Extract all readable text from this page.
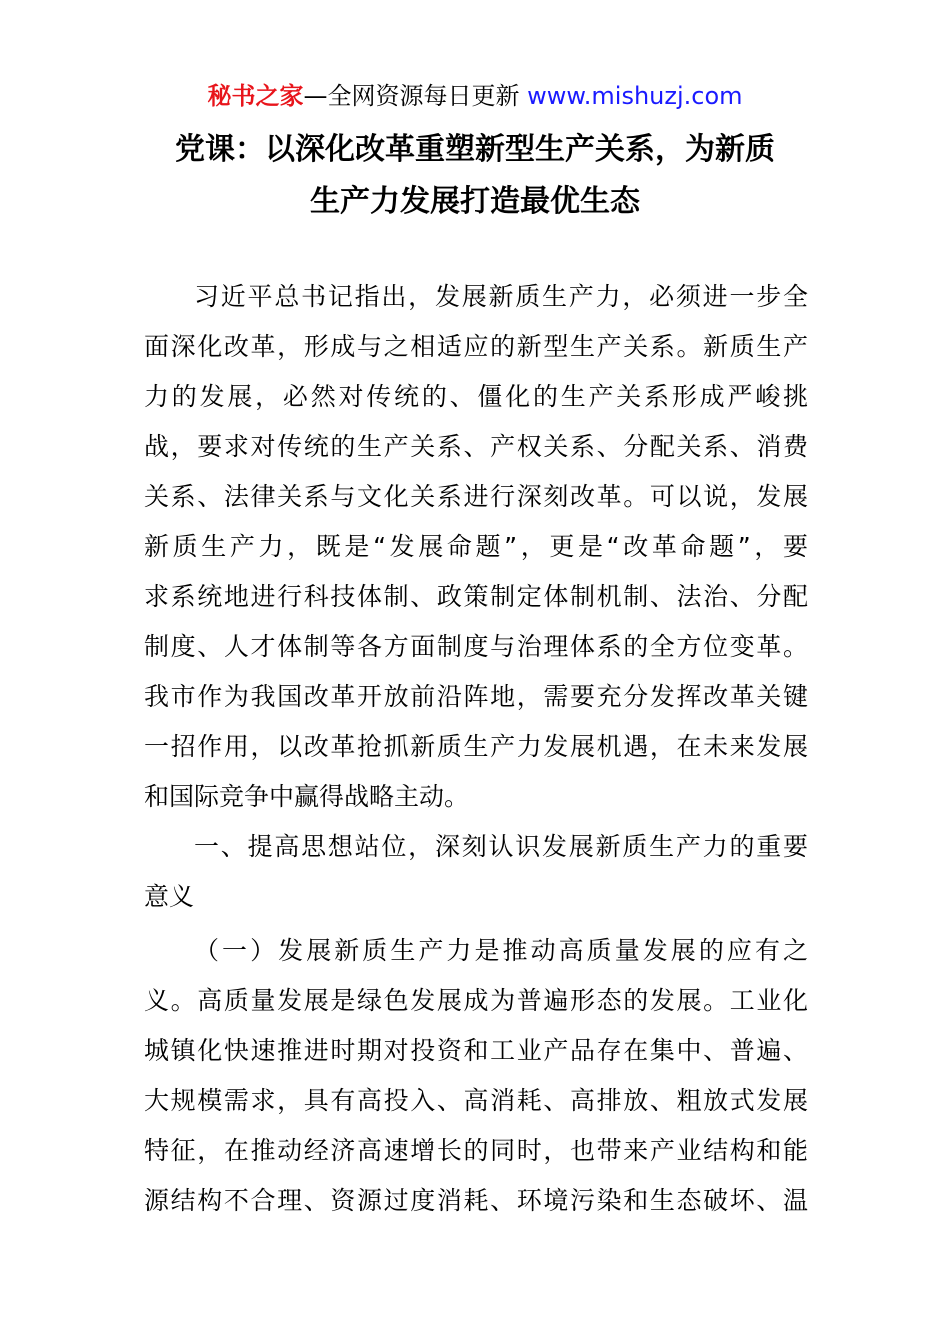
秘书之家—全网资源每日更新 www.mishuzj.com
党课：以深化改革重塑新型生产关系，为新质
生产力发展打造最优生态
习近平总书记指出，发展新质生产力，必须进一步全
面深化改革，形成与之相适应的新型生产关系。新质生产
力的发展，必然对传统的、僵化的生产关系形成严峻挑
战，要求对传统的生产关系、产权关系、分配关系、消费
关系、法律关系与文化关系进行深刻改革。可以说，发展
新质生产力，既是“发展命题”，更是“改革命题”，要
求系统地进行科技体制、政策制定体制机制、法治、分配
制度、人才体制等各方面制度与治理体系的全方位变革。
我市作为我国改革开放前沿阵地，需要充分发挥改革关键
一招作用，以改革抢抓新质生产力发展机遇，在未来发展
和国际竞争中赢得战略主动。
一、提高思想站位，深刻认识发展新质生产力的重要
意义
（一）发展新质生产力是推动高质量发展的应有之
义。高质量发展是绿色发展成为普遍形态的发展。工业化
城镇化快速推进时期对投资和工业产品存在集中、普遍、
大规模需求，具有高投入、高消耗、高排放、粗放式发展
特征，在推动经济高速增长的同时，也带来产业结构和能
源结构不合理、资源过度消耗、环境污染和生态破坏、温
